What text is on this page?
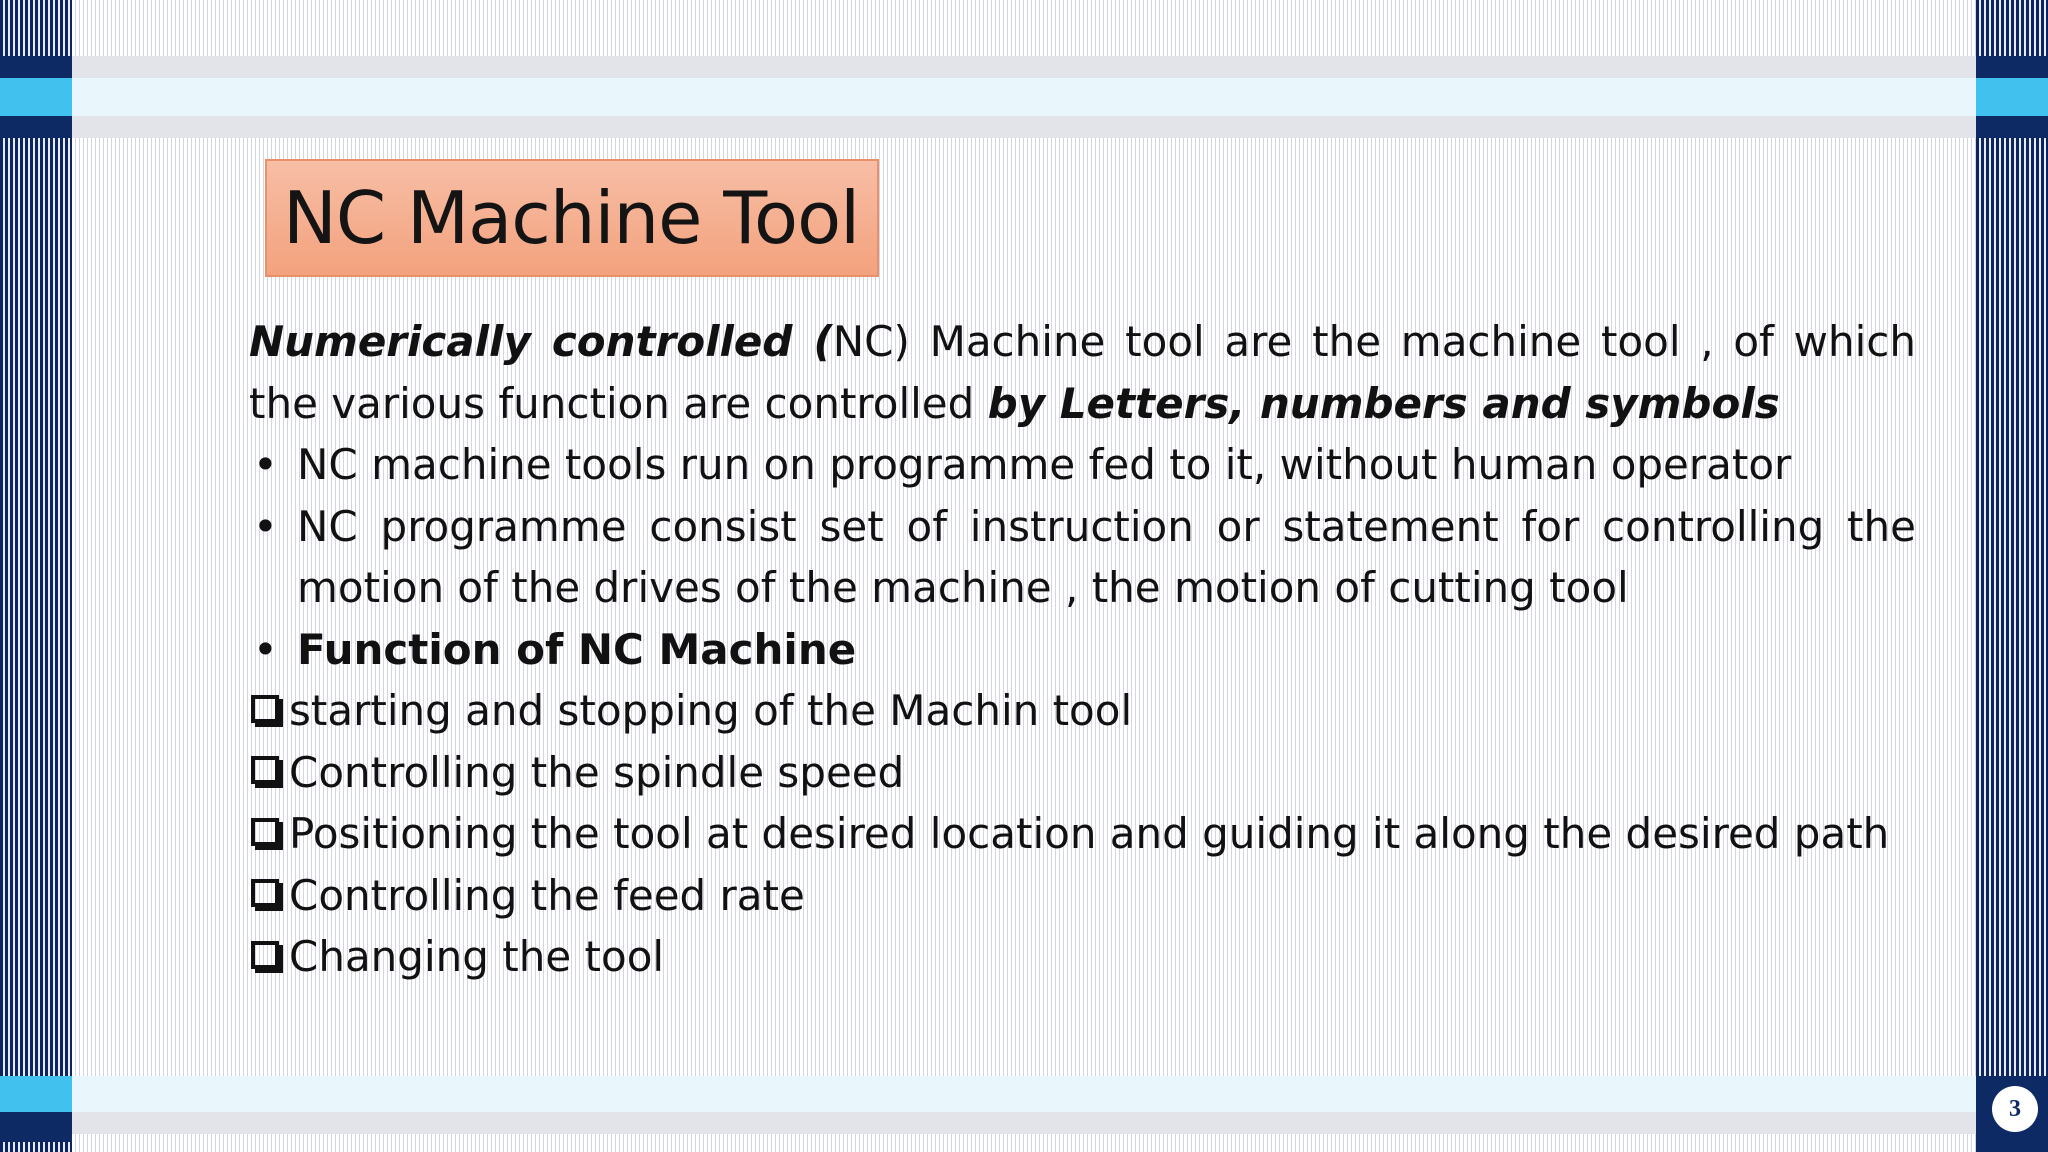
NC Machine Tool
Numerically controlled (NC) Machine tool are the machine tool , of which the various function are controlled by Letters, numbers and symbols
• NC machine tools run on programme fed to it, without human operator
• NC programme consist set of instruction or statement for controlling the motion of the drives of the machine , the motion of cutting tool
• Function of NC Machine
starting and stopping of the Machin tool
Controlling the spindle speed
Positioning the tool at desired location and guiding it along the desired path
Controlling the feed rate
Changing the tool
3
